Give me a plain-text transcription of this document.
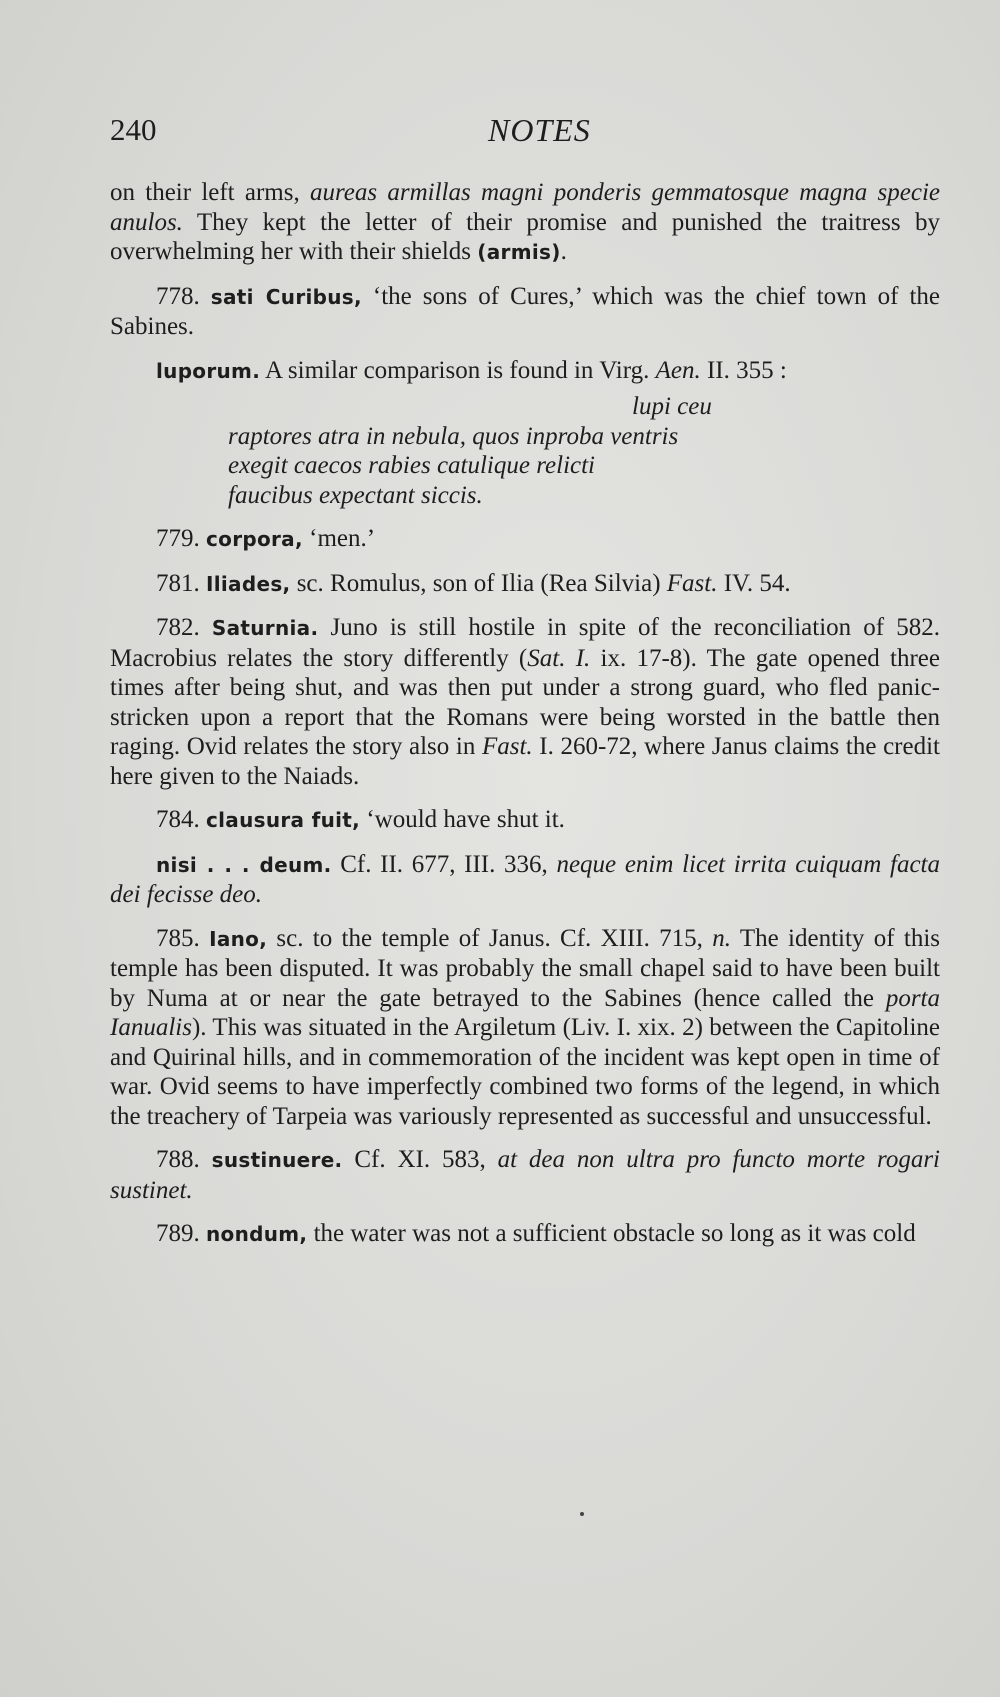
240	NOTES

on their left arms, aureas armillas magni ponderis gemmatosque magna specie anulos. They kept the letter of their promise and punished the traitress by overwhelming her with their shields (armis).

778. sati Curibus, ‘the sons of Cures,’ which was the chief town of the Sabines.

luporum. A similar comparison is found in Virg. Aen. II. 355 :

lupi ceu
raptores atra in nebula, quos inproba ventris
exegit caecos rabies catulique relicti
faucibus expectant siccis.

779. corpora, ‘men.’

781. Iliades, sc. Romulus, son of Ilia (Rea Silvia) Fast. IV. 54.

782. Saturnia. Juno is still hostile in spite of the reconciliation of 582. Macrobius relates the story differently (Sat. I. ix. 17-8). The gate opened three times after being shut, and was then put under a strong guard, who fled panic-stricken upon a report that the Romans were being worsted in the battle then raging. Ovid relates the story also in Fast. I. 260-72, where Janus claims the credit here given to the Naiads.

784. clausura fuit, ‘would have shut it.

nisi . . . deum. Cf. II. 677, III. 336, neque enim licet irrita cuiquam facta dei fecisse deo.

785. Iano, sc. to the temple of Janus. Cf. XIII. 715, n. The identity of this temple has been disputed. It was probably the small chapel said to have been built by Numa at or near the gate betrayed to the Sabines (hence called the porta Ianualis). This was situated in the Argiletum (Liv. I. xix. 2) between the Capitoline and Quirinal hills, and in commemoration of the incident was kept open in time of war. Ovid seems to have imperfectly combined two forms of the legend, in which the treachery of Tarpeia was variously represented as successful and unsuccessful.

788. sustinuere. Cf. XI. 583, at dea non ultra pro functo morte rogari sustinet.

789. nondum, the water was not a sufficient obstacle so long as it was cold
